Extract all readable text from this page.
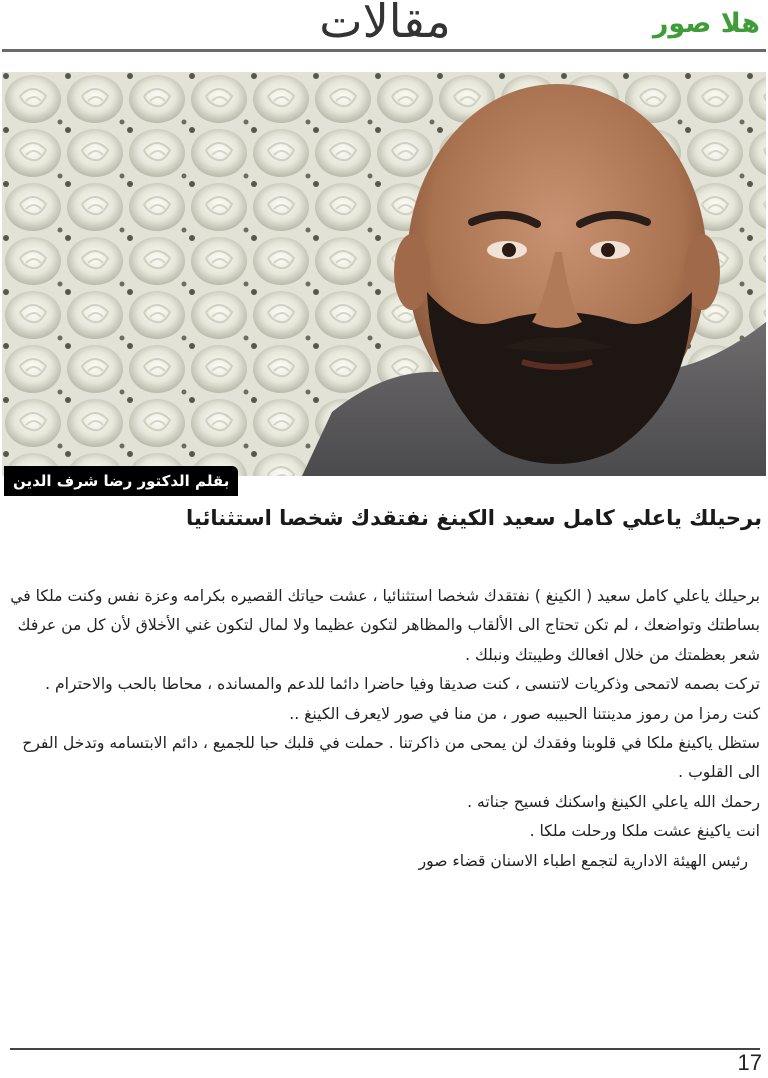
مقالات	هلا صور
بقلم الدكتور رضا شرف الدين
برحيلك ياعلي كامل سعيد الكينغ نفتقدك شخصا استثنائيا

برحيلك ياعلي كامل سعيد ( الكينغ ) نفتقدك شخصا استثنائيا ، عشت حياتك القصيره بكرامه وعزة نفس وكنت ملكا في بساطتك وتواضعك ، لم تكن تحتاج الى الألقاب والمظاهر لتكون عظيما ولا لمال لتكون غني الأخلاق لأن كل من عرفك شعر بعظمتك من خلال افعالك وطيبتك ونبلك .

تركت بصمه لاتمحى وذكريات لاتنسى ، كنت صديقا وفيا حاضرا دائما للدعم والمسانده ، محاطا بالحب والاحترام .

كنت رمزا من رموز مدينتنا الحبيبه صور ، من منا في صور لايعرف الكينغ ..

ستظل ياكينغ ملكا في قلوبنا وفقدك لن يمحى من ذاكرتنا . حملت في قلبك حبا للجميع ، دائم الابتسامه وتدخل الفرح الى القلوب .

رحمك الله ياعلي الكينغ واسكنك فسيح جناته .

انت ياكينغ عشت ملكا ورحلت ملكا .

رئيس الهيئة الادارية لتجمع اطباء الاسنان قضاء صور

17
